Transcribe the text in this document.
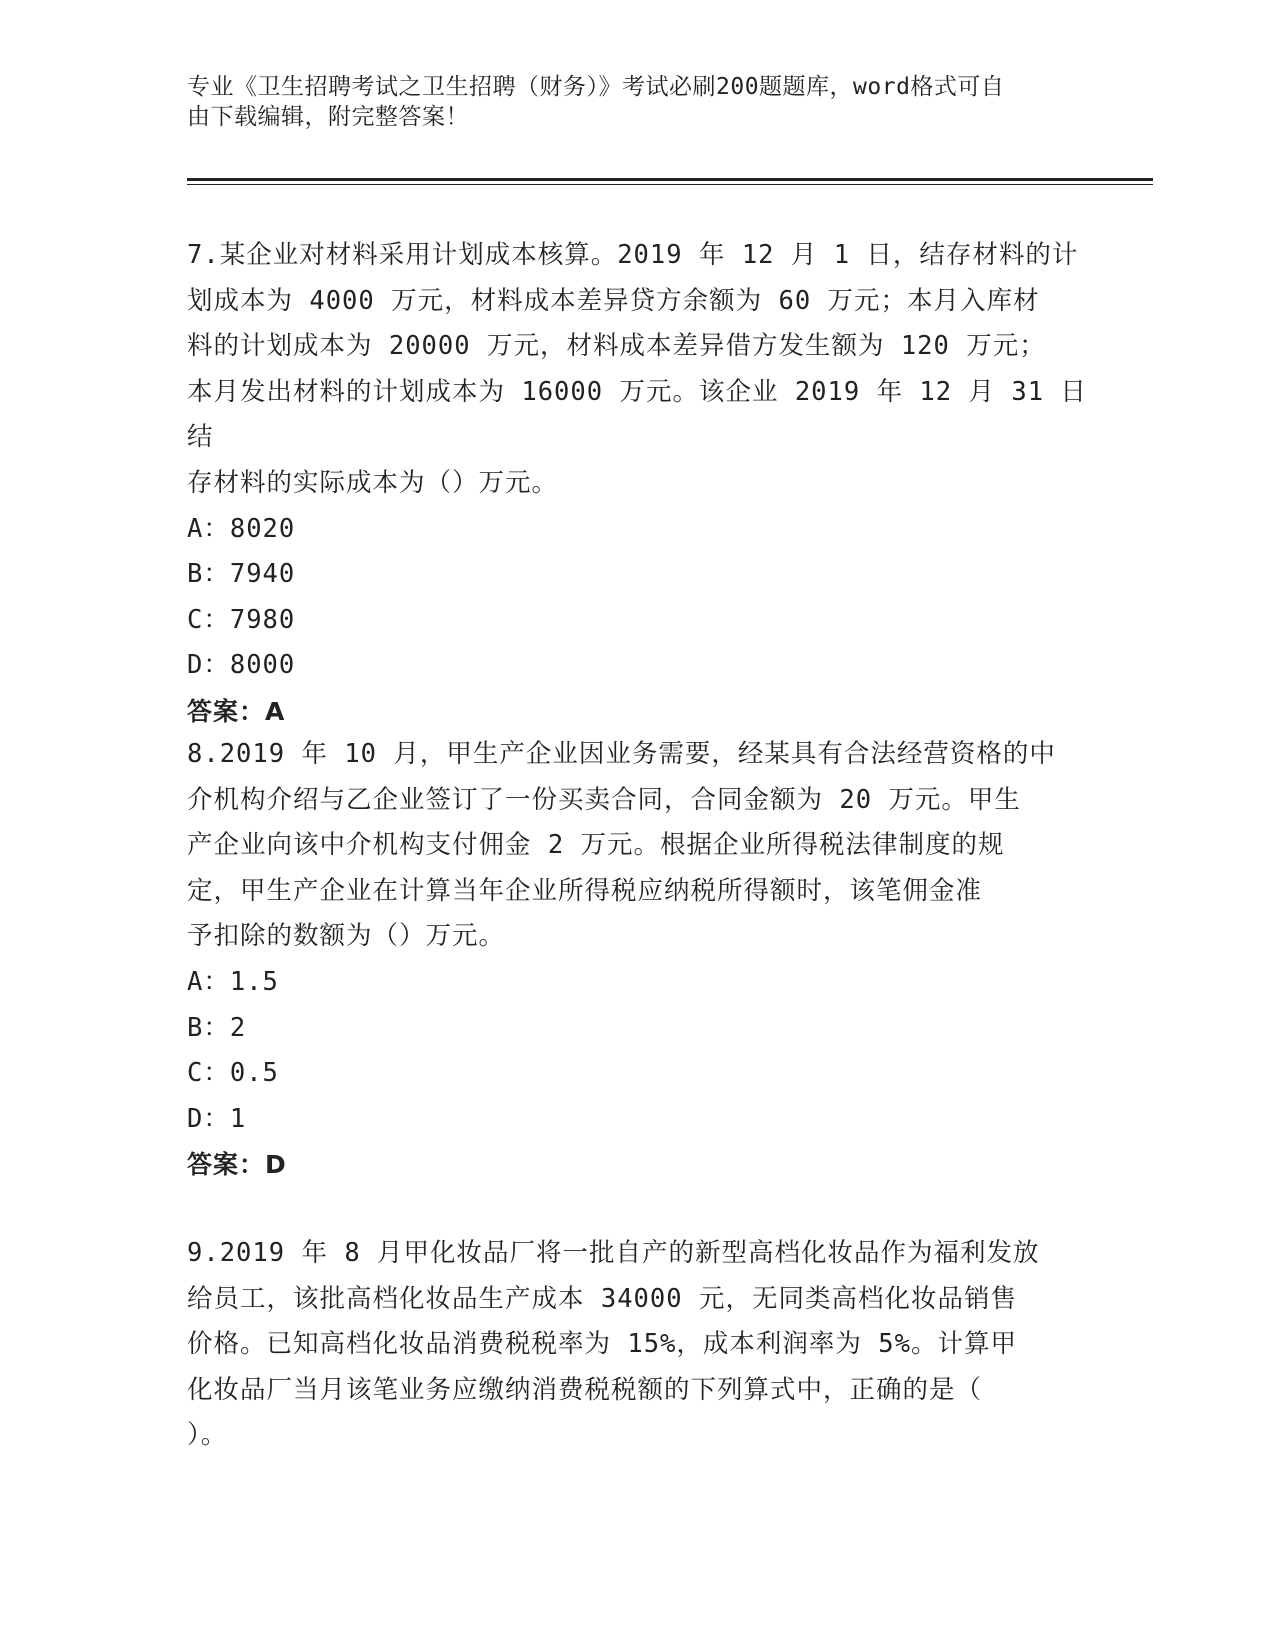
专业《卫生招聘考试之卫生招聘（财务）》考试必刷200题题库，word格式可自
由下载编辑，附完整答案！

7.某企业对材料采用计划成本核算。2019 年 12 月 1 日，结存材料的计

划成本为 4000 万元，材料成本差异贷方余额为 60 万元；本月入库材

料的计划成本为 20000 万元，材料成本差异借方发生额为 120 万元；

本月发出材料的计划成本为 16000 万元。该企业 2019 年 12 月 31 日结

存材料的实际成本为（）万元。

A：8020

B：7940

C：7980

D：8000

答案：A

8.2019 年 10 月，甲生产企业因业务需要，经某具有合法经营资格的中

介机构介绍与乙企业签订了一份买卖合同，合同金额为 20 万元。甲生

产企业向该中介机构支付佣金 2 万元。根据企业所得税法律制度的规

定，甲生产企业在计算当年企业所得税应纳税所得额时，该笔佣金准

予扣除的数额为（）万元。

A：1.5

B：2

C：0.5

D：1

答案：D

9.2019 年 8 月甲化妆品厂将一批自产的新型高档化妆品作为福利发放

给员工，该批高档化妆品生产成本 34000 元，无同类高档化妆品销售

价格。已知高档化妆品消费税税率为 15%，成本利润率为 5%。计算甲

化妆品厂当月该笔业务应缴纳消费税税额的下列算式中，正确的是（

）。
